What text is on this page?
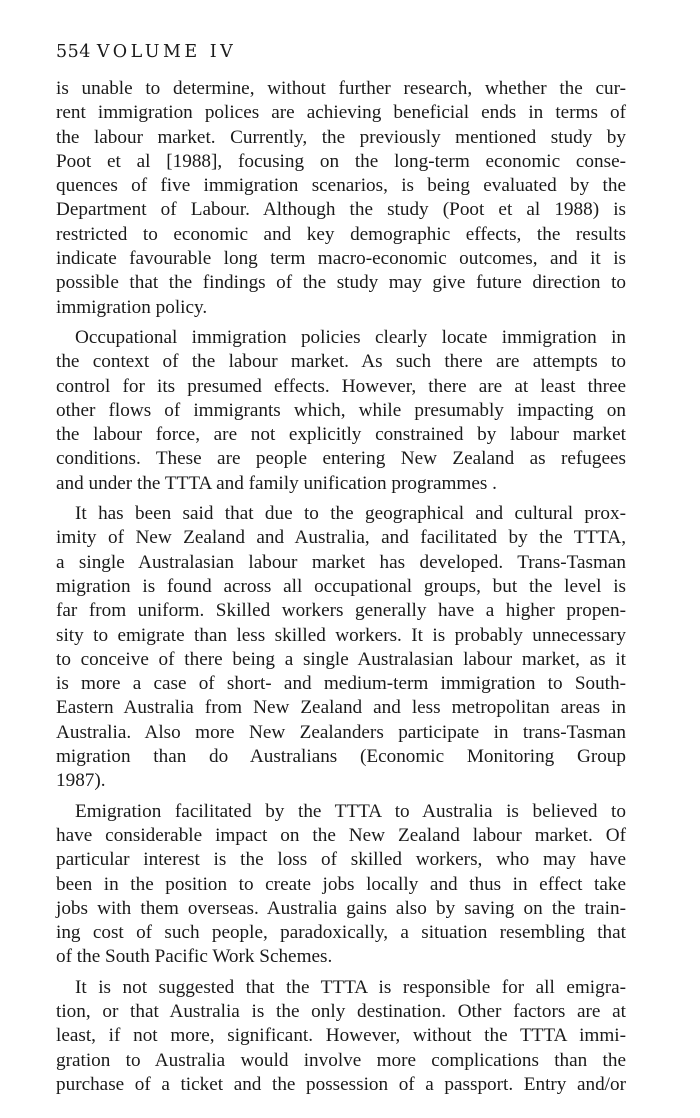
554 VOLUME IV

is unable to determine, without further research, whether the cur-
rent immigration polices are achieving beneficial ends in terms of
the labour market. Currently, the previously mentioned study by
Poot et al [1988], focusing on the long-term economic conse-
quences of five immigration scenarios, is being evaluated by the
Department of Labour. Although the study (Poot et al 1988) is
restricted to economic and key demographic effects, the results
indicate favourable long term macro-economic outcomes, and it is
possible that the findings of the study may give future direction to
immigration policy.

Occupational immigration policies clearly locate immigration in
the context of the labour market. As such there are attempts to
control for its presumed effects. However, there are at least three
other flows of immigrants which, while presumably impacting on
the labour force, are not explicitly constrained by labour market
conditions. These are people entering New Zealand as refugees
and under the TTTA and family unification programmes .

It has been said that due to the geographical and cultural prox-
imity of New Zealand and Australia, and facilitated by the TTTA,
a single Australasian labour market has developed. Trans-Tasman
migration is found across all occupational groups, but the level is
far from uniform. Skilled workers generally have a higher propen-
sity to emigrate than less skilled workers. It is probably unnecessary
to conceive of there being a single Australasian labour market, as it
is more a case of short- and medium-term immigration to South-
Eastern Australia from New Zealand and less metropolitan areas in
Australia. Also more New Zealanders participate in trans-Tasman
migration than do Australians (Economic Monitoring Group
1987).

Emigration facilitated by the TTTA to Australia is believed to
have considerable impact on the New Zealand labour market. Of
particular interest is the loss of skilled workers, who may have
been in the position to create jobs locally and thus in effect take
jobs with them overseas. Australia gains also by saving on the train-
ing cost of such people, paradoxically, a situation resembling that
of the South Pacific Work Schemes.

It is not suggested that the TTTA is responsible for all emigra-
tion, or that Australia is the only destination. Other factors are at
least, if not more, significant. However, without the TTTA immi-
gration to Australia would involve more complications than the
purchase of a ticket and the possession of a passport. Entry and/or
